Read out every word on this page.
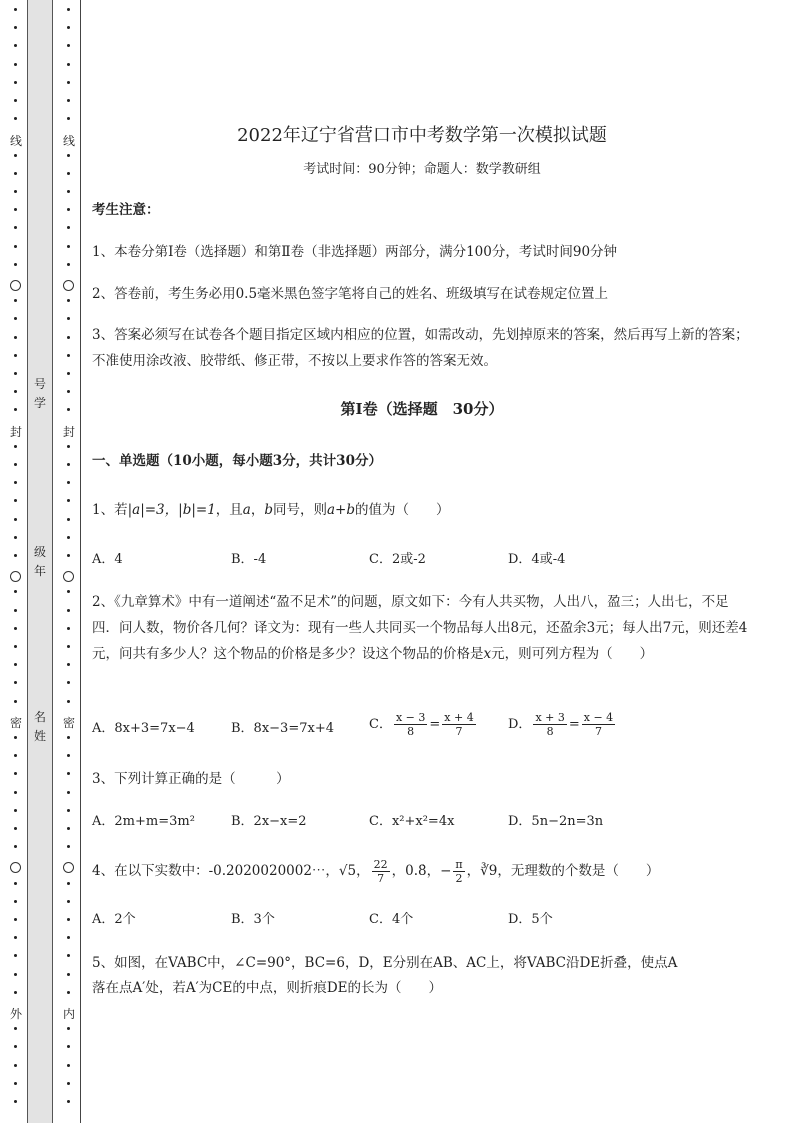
线
封
密
外
号
学
级
年
名
姓
线
封
密
内
2022年辽宁省营口市中考数学第一次模拟试题
考试时间：90分钟；命题人：数学教研组
考生注意：
1、本卷分第I卷（选择题）和第Ⅱ卷（非选择题）两部分，满分100分，考试时间90分钟
2、答卷前，考生务必用0.5毫米黑色签字笔将自己的姓名、班级填写在试卷规定位置上
3、答案必须写在试卷各个题目指定区域内相应的位置，如需改动，先划掉原来的答案，然后再写上新的答案；不准使用涂改液、胶带纸、修正带，不按以上要求作答的答案无效。
第I卷（选择题　30分）
一、单选题（10小题，每小题3分，共计30分）
1、若|a|=3，|b|=1，且a，b同号，则a+b的值为（　　）
A．4	B．-4	C．2或-2	D．4或-4
2、《九章算术》中有一道阐述“盈不足术”的问题，原文如下：今有人共买物，人出八，盈三；人出七，不足四．问人数，物价各几何？译文为：现有一些人共同买一个物品每人出8元，还盈余3元；每人出7元，则还差4元，问共有多少人？这个物品的价格是多少？设这个物品的价格是x元，则可列方程为（　　）
A．8x+3=7x−4	B．8x−3=7x+4	C． $\frac{x - 3}{8} = \frac{x + 4}{7}$ D． $\frac{x + 3}{8} = \frac{x - 4}{7}$
3、下列计算正确的是（　　　）
A．2m+m=3m²	B．2x−x=2	C．x²+x²=4x	D．5n−2n=3n
4、在以下实数中：-0.2020020002⋯，√5， $\frac{22}{7}$ ，0.8̇，− $\frac{\pi}{2}$ ，∛9，无理数的个数是（　　）
A．2个	B．3个	C．4个	D．5个
5、如图，在VABC中，∠C=90°，BC=6，D，E分别在AB、AC上，将VABC沿DE折叠，使点A
落在点A′处，若A′为CE的中点，则折痕DE的长为（　　）
